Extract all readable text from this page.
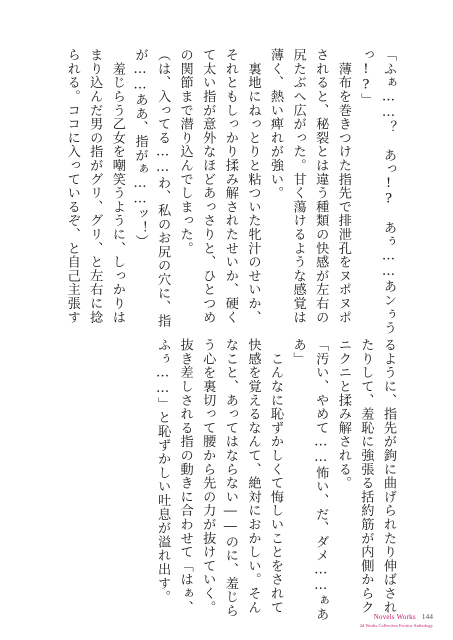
「ふぁ……？　あっ!?　あぅ……あンぅう
っ!?」
　薄布を巻きつけた指先で排泄孔をヌポヌポ
されると、秘裂とは違う種類の快感が左右の
尻たぶへ広がった。甘く蕩けるような感覚は
薄く、熱い痺れが強い。
　裏地にねっとりと粘ついた牝汁のせいか、
それともしっかり揉み解されたせいか、硬く
て太い指が意外なほどあっさりと、ひとつめ
の関節まで潜り込んでしまった。
（は、入ってる……わ、私のお尻の穴に、指
が……ああ、指がぁ……ッ！）
　羞じらう乙女を嘲笑うように、しっかりは
まり込んだ男の指がグリ、グリ、と左右に捻
られる。ココに入っているぞ、と自己主張す
るように、指先が鉤に曲げられたり伸ばされ
たりして、羞恥に強張る括約筋が内側からク
ニクニと揉み解される。
「汚い、やめて……怖い、だ、ダメ……ぁあ
あ」
　こんなに恥ずかしくて悔しいことをされて
快感を覚えるなんて、絶対におかしい。そん
なこと、あってはならない――のに、羞じら
う心を裏切って腰から先の力が抜けていく。
抜き差しされる指の動きに合わせて「はぁ、
ふぅ……」と恥ずかしい吐息が溢れ出す。
Novels Works 144
2d Works Collection Erotica Anthology
